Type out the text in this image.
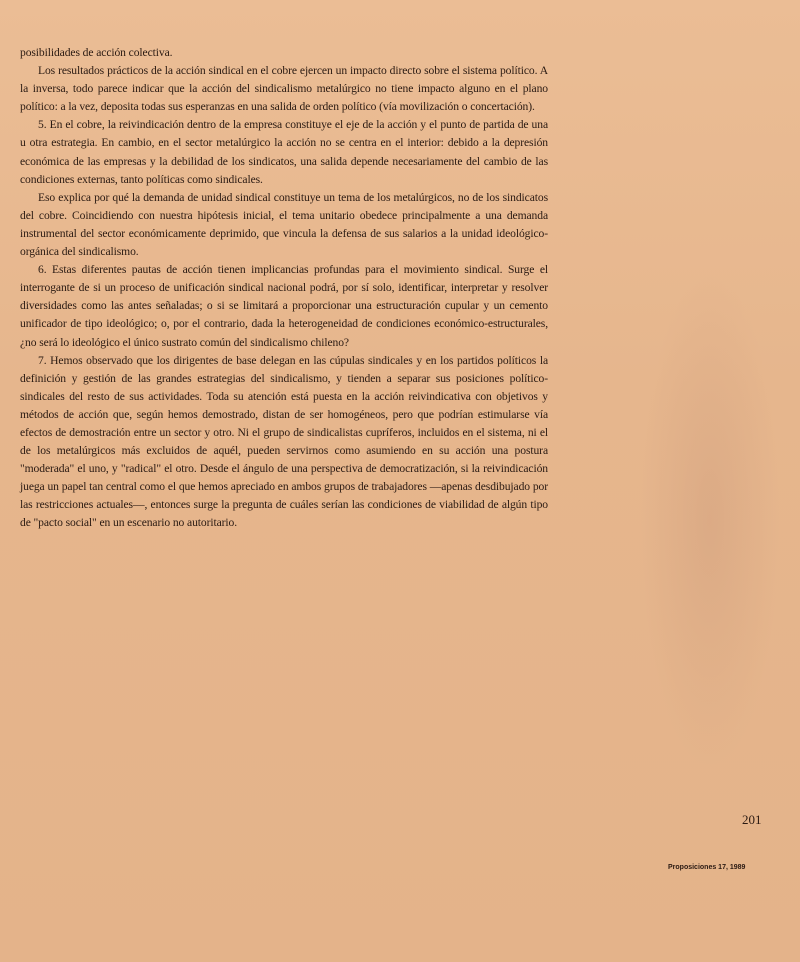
posibilidades de acción colectiva.

Los resultados prácticos de la acción sindical en el cobre ejercen un impacto directo sobre el sistema político. A la inversa, todo parece indicar que la acción del sindicalismo metalúrgico no tiene impacto alguno en el plano político: a la vez, deposita todas sus esperanzas en una salida de orden político (vía movilización o concertación).

5. En el cobre, la reivindicación dentro de la empresa constituye el eje de la acción y el punto de partida de una u otra estrategia. En cambio, en el sector metalúrgico la acción no se centra en el interior: debido a la depresión económica de las empresas y la debilidad de los sindicatos, una salida depende necesariamente del cambio de las condiciones externas, tanto políticas como sindicales.

Eso explica por qué la demanda de unidad sindical constituye un tema de los metalúrgicos, no de los sindicatos del cobre. Coincidiendo con nuestra hipótesis inicial, el tema unitario obedece principalmente a una demanda instrumental del sector económicamente deprimido, que vincula la defensa de sus salarios a la unidad ideológico-orgánica del sindicalismo.

6. Estas diferentes pautas de acción tienen implicancias profundas para el movimiento sindical. Surge el interrogante de si un proceso de unificación sindical nacional podrá, por sí solo, identificar, interpretar y resolver diversidades como las antes señaladas; o si se limitará a proporcionar una estructuración cupular y un cemento unificador de tipo ideológico; o, por el contrario, dada la heterogeneidad de condiciones económico-estructurales, ¿no será lo ideológico el único sustrato común del sindicalismo chileno?

7. Hemos observado que los dirigentes de base delegan en las cúpulas sindicales y en los partidos políticos la definición y gestión de las grandes estrategias del sindicalismo, y tienden a separar sus posiciones político-sindicales del resto de sus actividades. Toda su atención está puesta en la acción reivindicativa con objetivos y métodos de acción que, según hemos demostrado, distan de ser homogéneos, pero que podrían estimularse vía efectos de demostración entre un sector y otro. Ni el grupo de sindicalistas cupríferos, incluidos en el sistema, ni el de los metalúrgicos más excluidos de aquél, pueden servirnos como asumiendo en su acción una postura "moderada" el uno, y "radical" el otro. Desde el ángulo de una perspectiva de democratización, si la reivindicación juega un papel tan central como el que hemos apreciado en ambos grupos de trabajadores —apenas desdibujado por las restricciones actuales—, entonces surge la pregunta de cuáles serían las condiciones de viabilidad de algún tipo de "pacto social" en un escenario no autoritario.

201
Proposiciones 17, 1989
